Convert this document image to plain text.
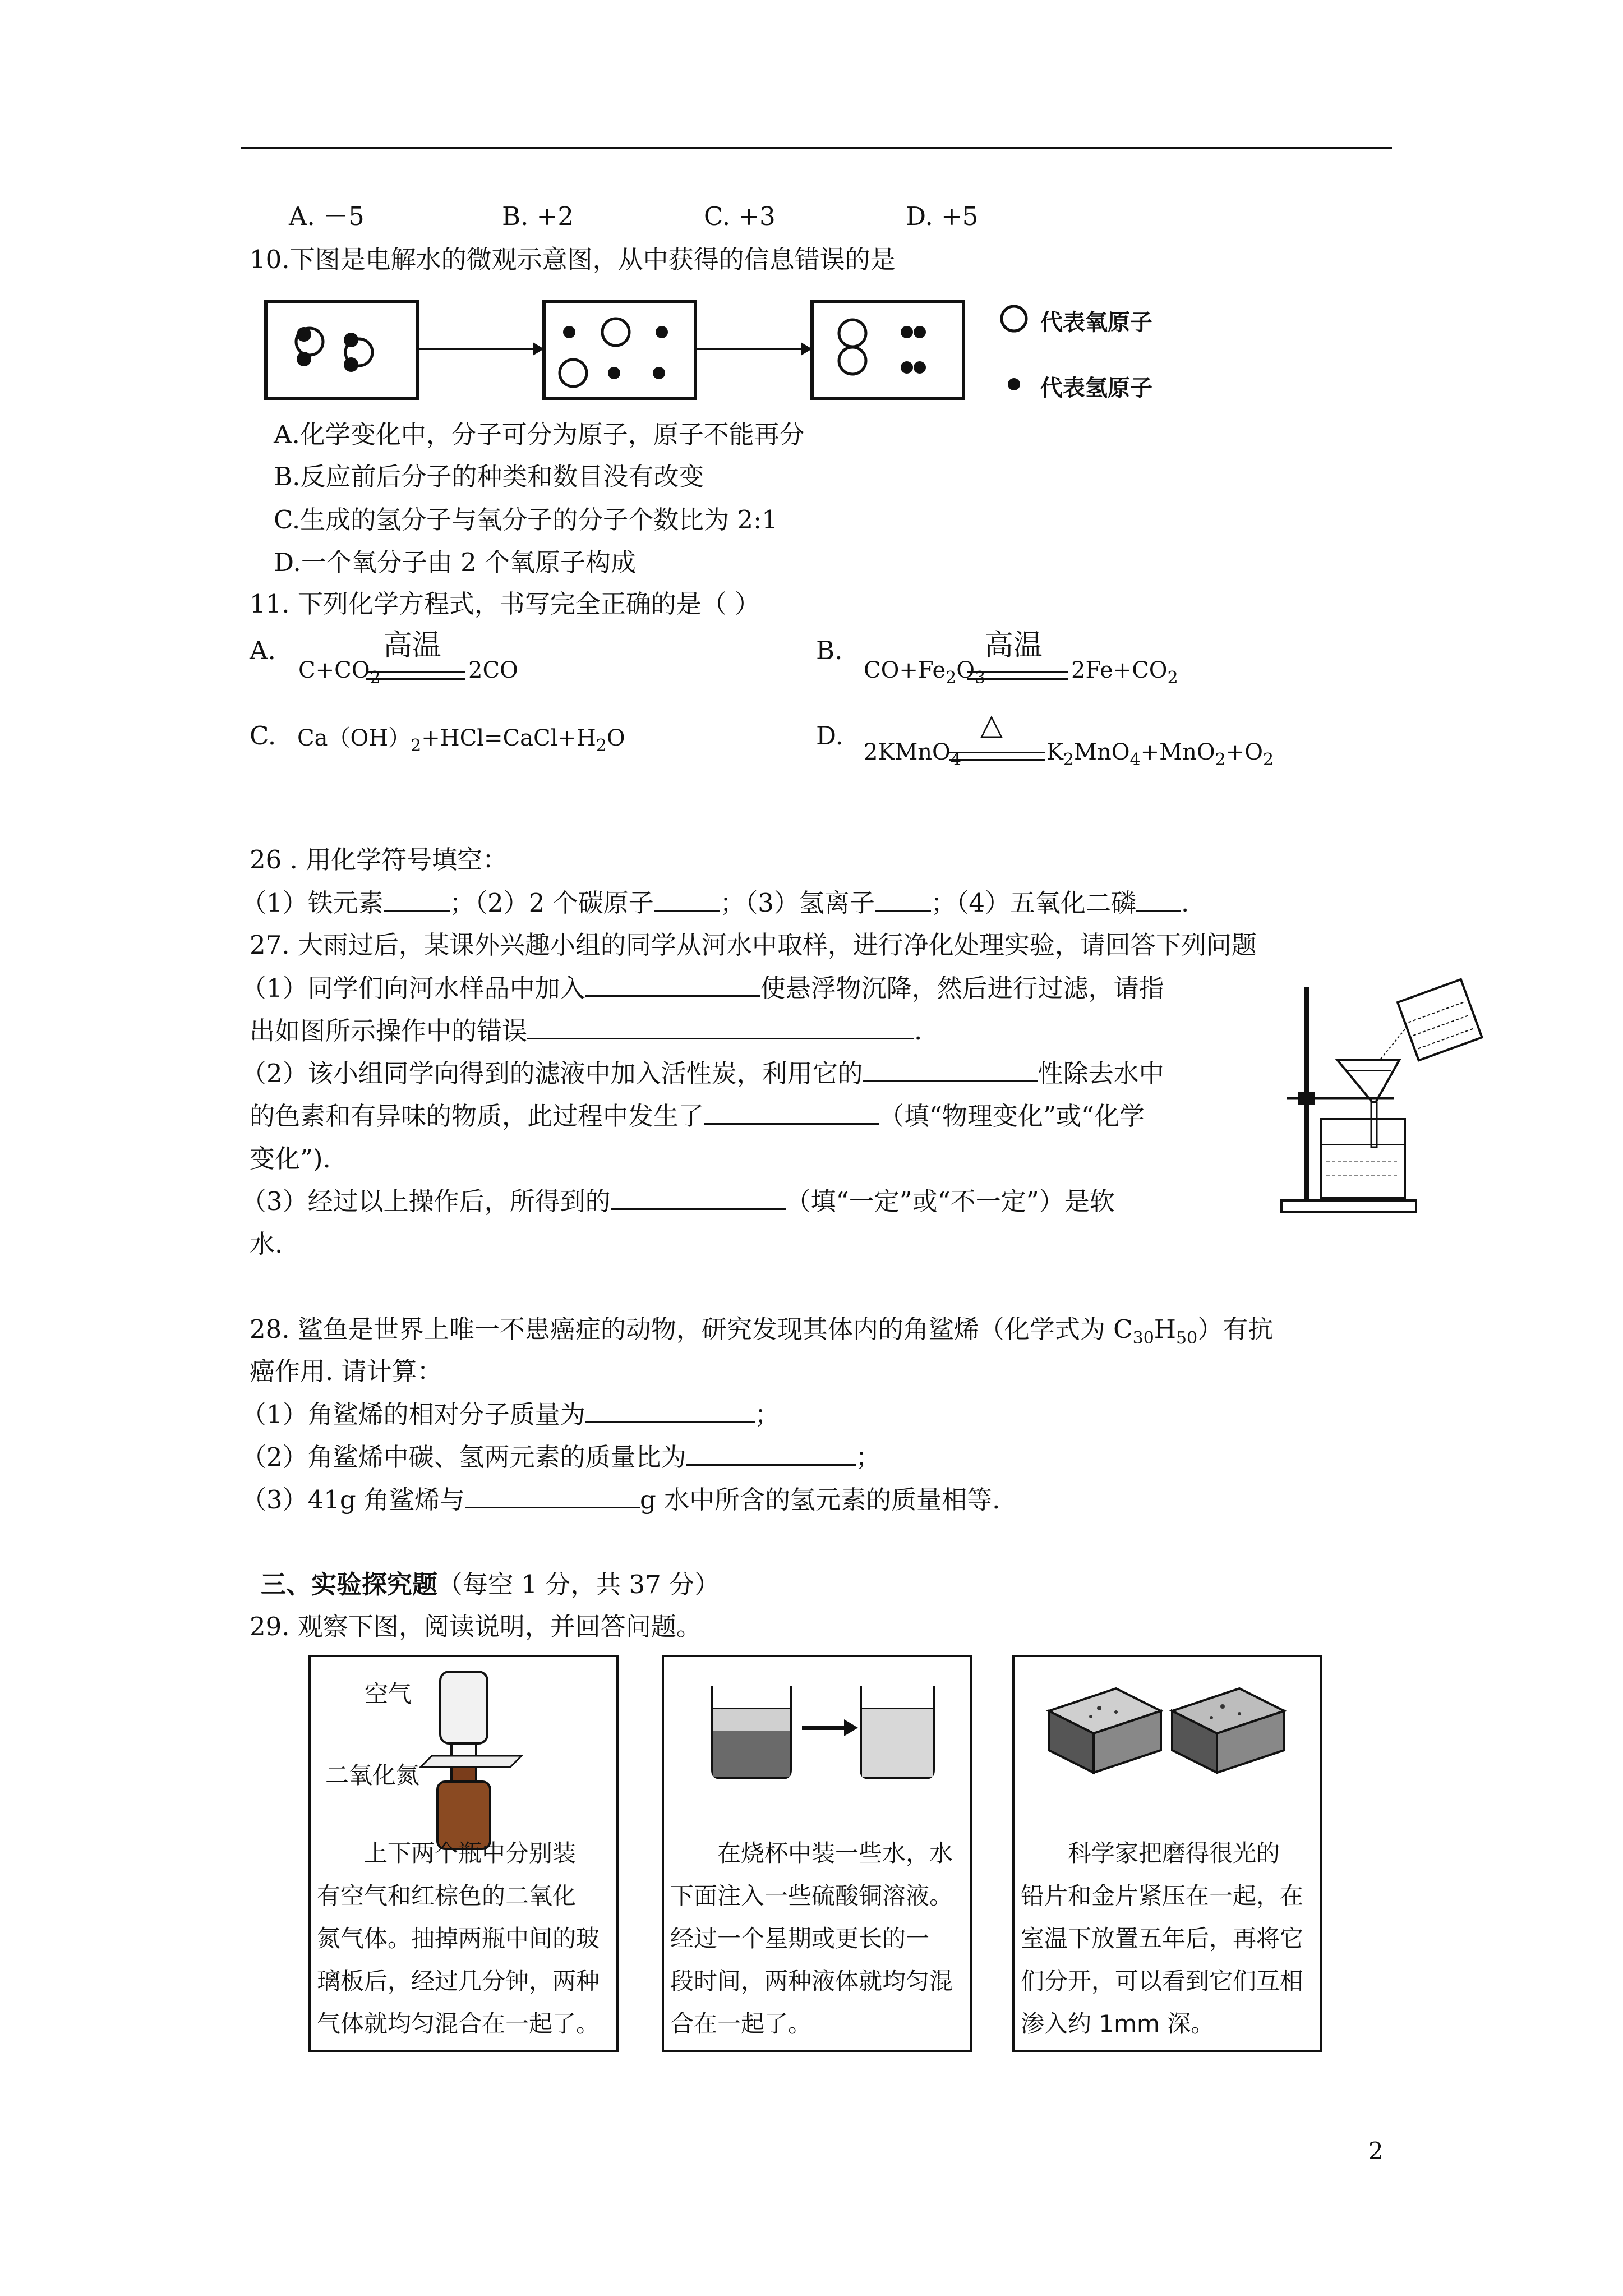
A. －5	B. +2	C. +3	D. +5
10.下图是电解水的微观示意图，从中获得的信息错误的是
代表氧原子
代表氢原子
A.化学变化中，分子可分为原子，原子不能再分
B.反应前后分子的种类和数目没有改变
C.生成的氢分子与氧分子的分子个数比为 2:1
D.一个氧分子由 2 个氧原子构成
11. 下列化学方程式，书写完全正确的是（ ）
A.	高温
$C+CO_2$	2CO
B.	高温
$CO+Fe_2O_3$	$2Fe+CO_2$
C. $Ca(OH)_2+HCl=CaCl+H_2O$	D.	△
2KMnO$_4$	$K_2MnO_4+MnO_2+O_2$
26 . 用化学符号填空：
（1）铁元素	；（2）2 个碳原子	；（3）氢离子 ；（4）五氧化二磷 .
27. 大雨过后，某课外兴趣小组的同学从河水中取样，进行净化处理实验，请回答下列问题
（1）同学们向河水样品中加入	使悬浮物沉降，然后进行过滤，请指
出如图所示操作中的错误	.
（2）该小组同学向得到的滤液中加入活性炭，利用它的	性除去水中
的色素和有异味的物质，此过程中发生了	（填“物理变化”或“化学
变化”).
（3）经过以上操作后，所得到的	（填“一定”或“不一定”）是软
水.
28. 鲨鱼是世界上唯一不患癌症的动物，研究发现其体内的角鲨烯（化学式为 $C_{30}H_{50}$）有抗
癌作用. 请计算：
（1）角鲨烯的相对分子质量为	；
（2）角鲨烯中碳、氢两元素的质量比为	；
（3）41g 角鲨烯与	g 水中所含的氢元素的质量相等.
三、实验探究题（每空 1 分，共 37 分）
29. 观察下图，阅读说明，并回答问题。
空气
二氧化氮
　　上下两个瓶中分别装
有空气和红棕色的二氧化
氮气体。抽掉两瓶中间的玻
璃板后，经过几分钟，两种
气体就均匀混合在一起了。
　　在烧杯中装一些水，水
下面注入一些硫酸铜溶液。
经过一个星期或更长的一
段时间，两种液体就均匀混
合在一起了。
　　科学家把磨得很光的
铅片和金片紧压在一起，在
室温下放置五年后，再将它
们分开，可以看到它们互相
渗入约 1mm 深。
2
